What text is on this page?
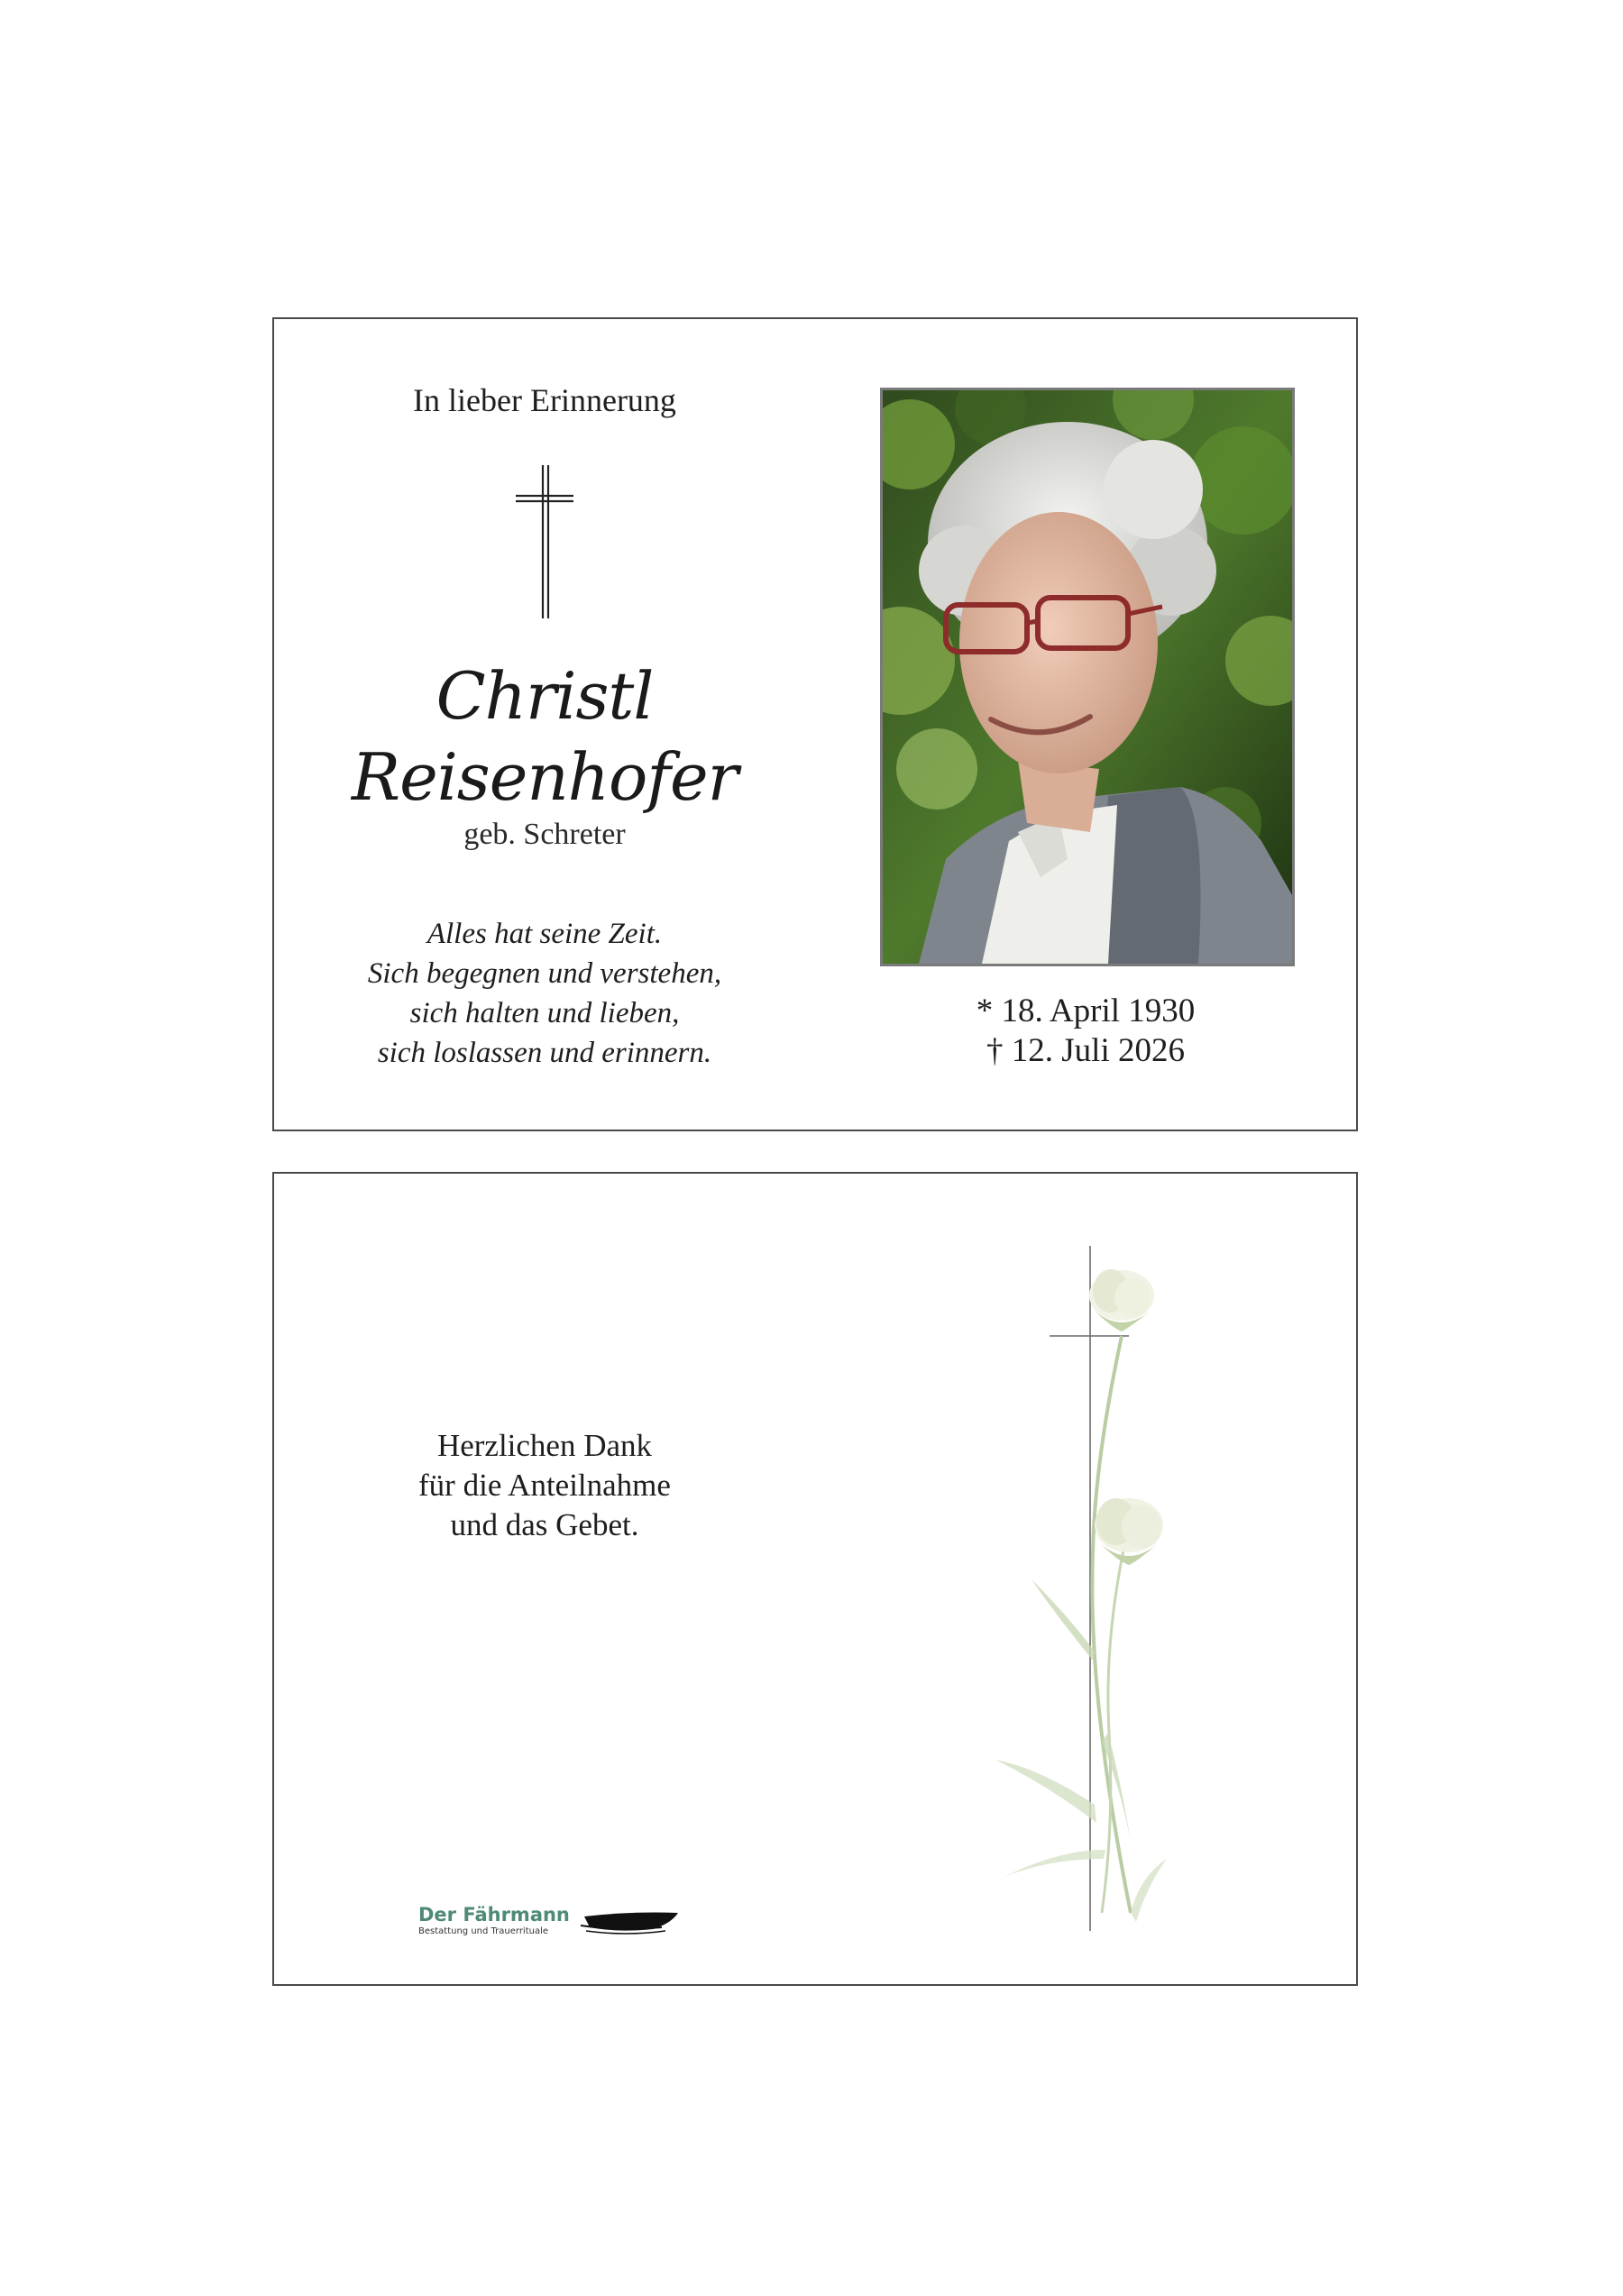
In lieber Erinnerung
Christl
Reisenhofer
geb. Schreter
Alles hat seine Zeit.
Sich begegnen und verstehen,
sich halten und lieben,
sich loslassen und erinnern.
* 18. April 1930
† 12. Juli 2026
Herzlichen Dank
für die Anteilnahme
und das Gebet.
Der Fährmann
Bestattung und Trauerrituale
